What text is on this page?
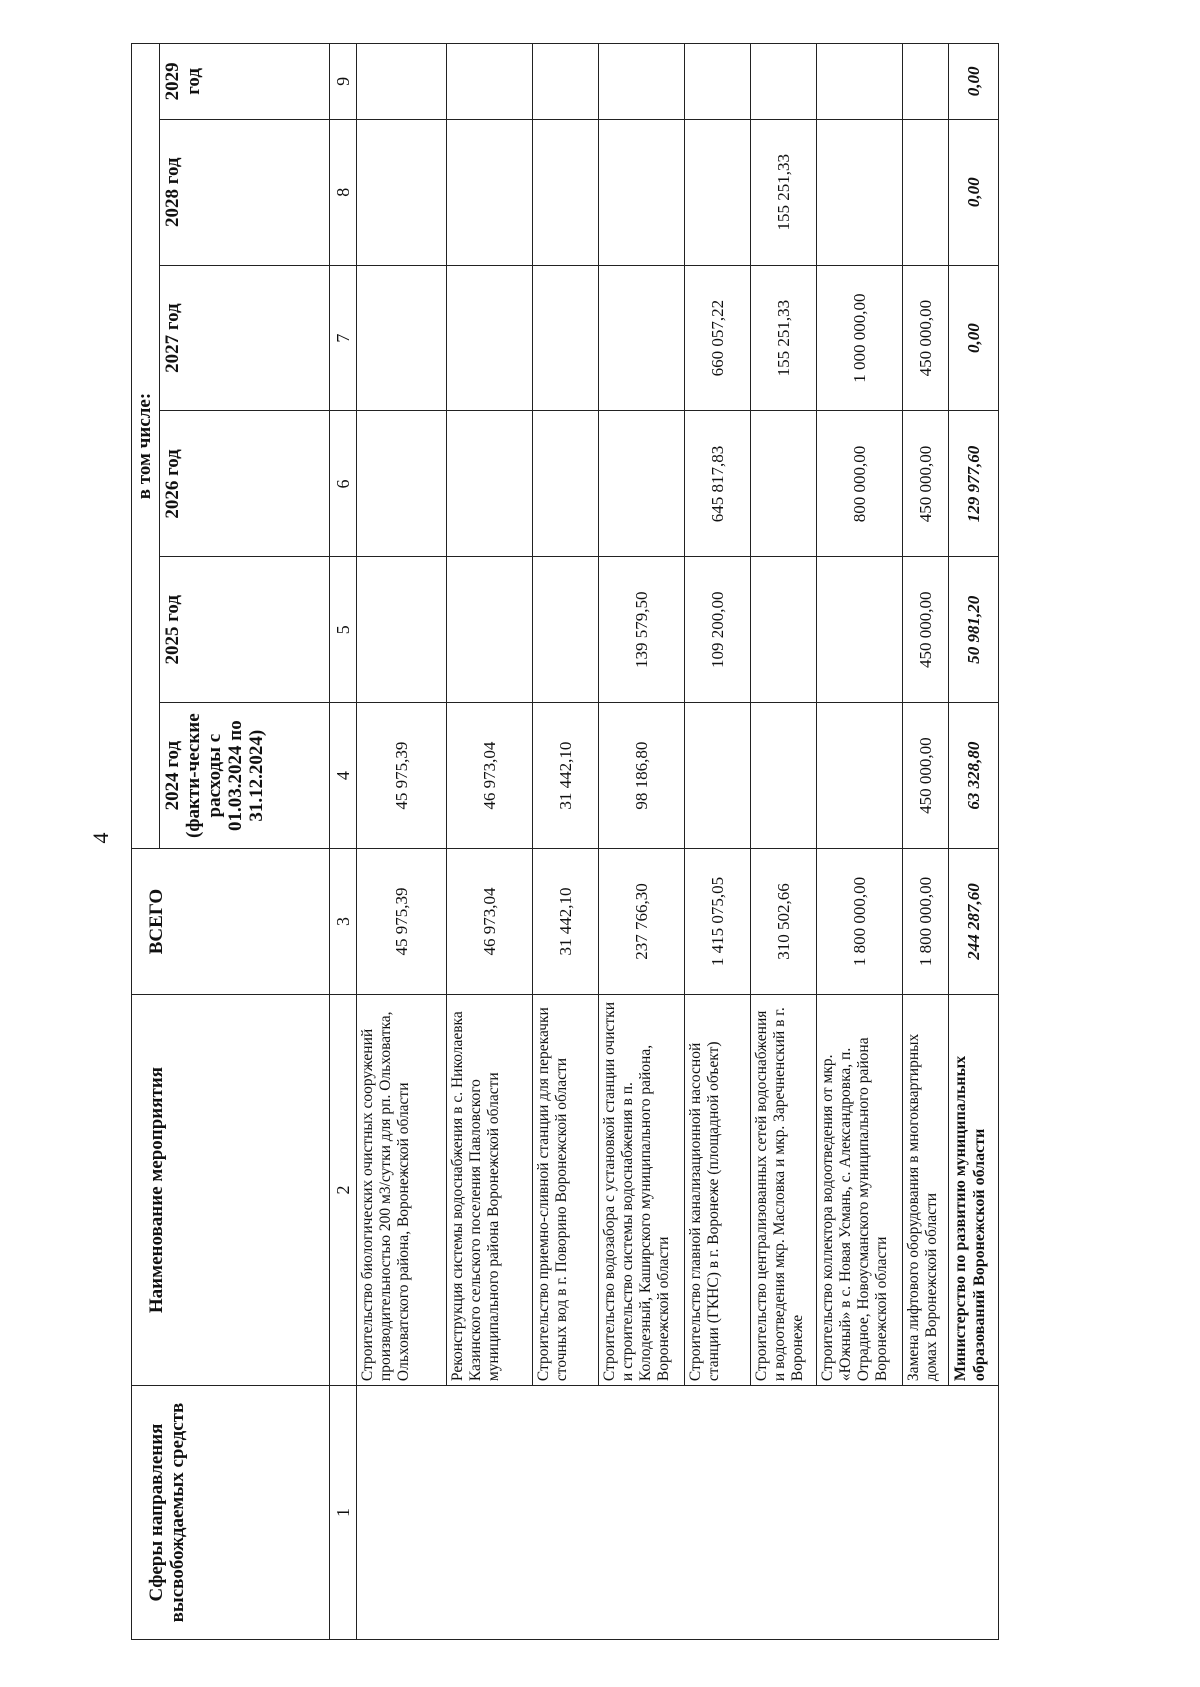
4
Сферы направления высвобождаемых средств	Наименование мероприятия	ВСЕГО	в том числе:					
			2024 год (факти-ческие расходы с 01.03.2024 по 31.12.2024)	2025 год	2026 год	2027 год	2028 год	2029 год
1	2	3	4	5	6	7	8	9
	Строительство биологических очистных сооружений производительностью 200 м3/сутки для рп. Ольховатка, Ольховатского района, Воронежской области	45 975,39	45 975,39					
	Реконструкция системы водоснабжения в с. Николаевка Казинского сельского поселения Павловского муниципального района Воронежской области	46 973,04	46 973,04					
	Строительство приемно-сливной станции для перекачки сточных вод в г. Поворино Воронежской области	31 442,10	31 442,10					
	Строительство водозабора с установкой станции очистки и строительство системы водоснабжения в п. Колодезный, Каширского муниципального района, Воронежской области	237 766,30	98 186,80	139 579,50				
	Строительство главной канализационной насосной станции (ГКНС) в г. Воронеже (площадной объект)	1 415 075,05		109 200,00	645 817,83	660 057,22		
	Строительство централизованных сетей водоснабжения и водоотведения мкр. Масловка и мкр. Заречненский в г. Воронеже	310 502,66				155 251,33	155 251,33	
	Строительство коллектора водоотведения от мкр. «Южный» в с. Новая Усмань, с. Александровка, п. Отрадное, Новоусманского муниципального района Воронежской области	1 800 000,00			800 000,00	1 000 000,00		
	Замена лифтового оборудования в многоквартирных домах Воронежской области	1 800 000,00	450 000,00	450 000,00	450 000,00	450 000,00		
	Министерство по развитию муниципальных образований Воронежской области	244 287,60	63 328,80	50 981,20	129 977,60	0,00	0,00	0,00
